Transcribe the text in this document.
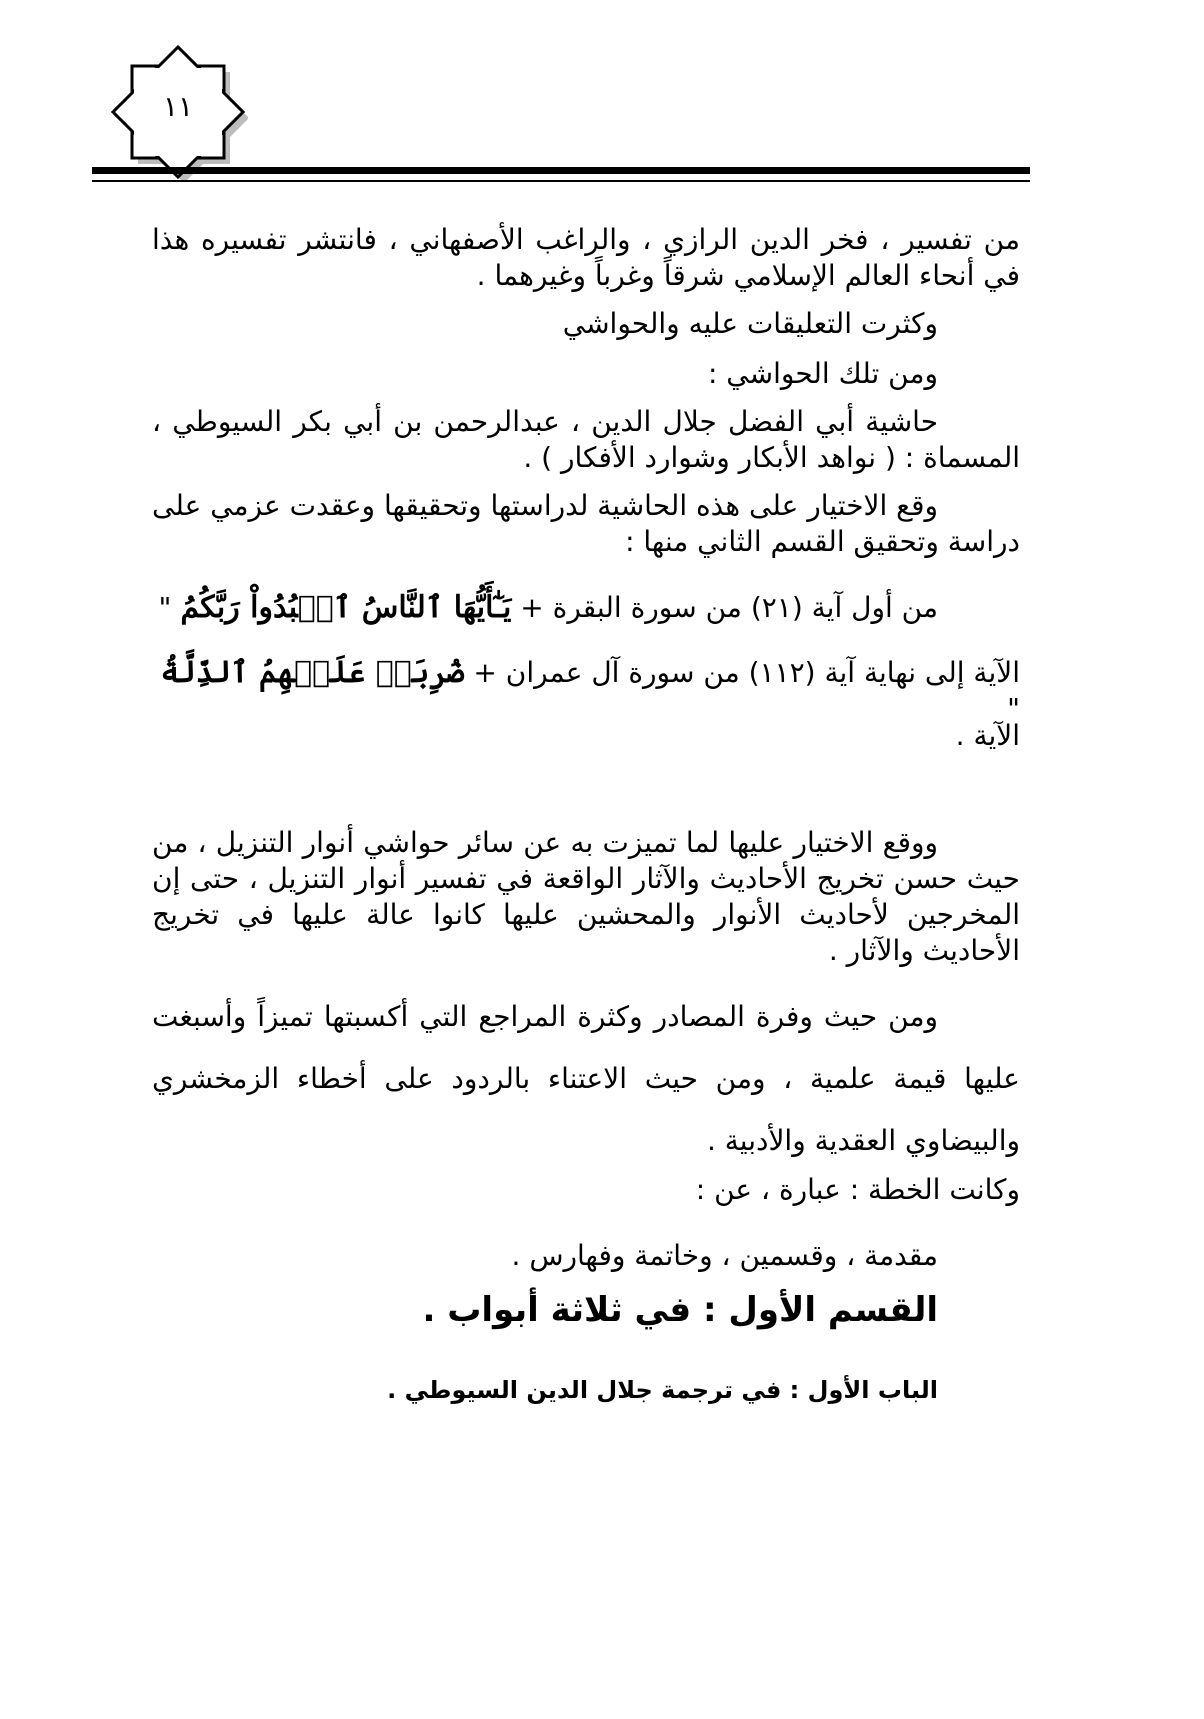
١١
من تفسير ، فخر الدين الرازي ، والراغب الأصفهاني ، فانتشر تفسيره هذا في أنحاء العالم الإسلامي شرقاً وغرباً وغيرهما .
وكثرت التعليقات عليه والحواشي
ومن تلك الحواشي :
حاشية أبي الفضل جلال الدين ، عبدالرحمن بن أبي بكر السيوطي ، المسماة : ( نواهد الأبكار وشوارد الأفكار ) .
وقع الاختيار على هذه الحاشية لدراستها وتحقيقها وعقدت عزمي على دراسة وتحقيق القسم الثاني منها :
من أول آية (٢١) من سورة البقرة + يَـٰٓأَيُّهَا ٱلنَّاسُ ٱعۡبُدُواْ رَبَّكُمُ "
الآية إلى نهاية آية (١١٢) من سورة آل عمران + ضُرِبَتۡ عَلَيۡهِمُ ٱلذِّلَّةُ "
الآية .
ووقع الاختيار عليها لما تميزت به عن سائر حواشي أنوار التنزيل ، من حيث حسن تخريج الأحاديث والآثار الواقعة في تفسير أنوار التنزيل ، حتى إن المخرجين لأحاديث الأنوار والمحشين عليها كانوا عالة عليها في تخريج الأحاديث والآثار .
ومن حيث وفرة المصادر وكثرة المراجع التي أكسبتها تميزاً وأسبغت عليها قيمة علمية ، ومن حيث الاعتناء بالردود على أخطاء الزمخشري والبيضاوي العقدية والأدبية .
وكانت الخطة : عبارة ، عن :
مقدمة ، وقسمين ، وخاتمة وفهارس .
القسم الأول : في ثلاثة أبواب .
الباب الأول : في ترجمة جلال الدين السيوطي .
